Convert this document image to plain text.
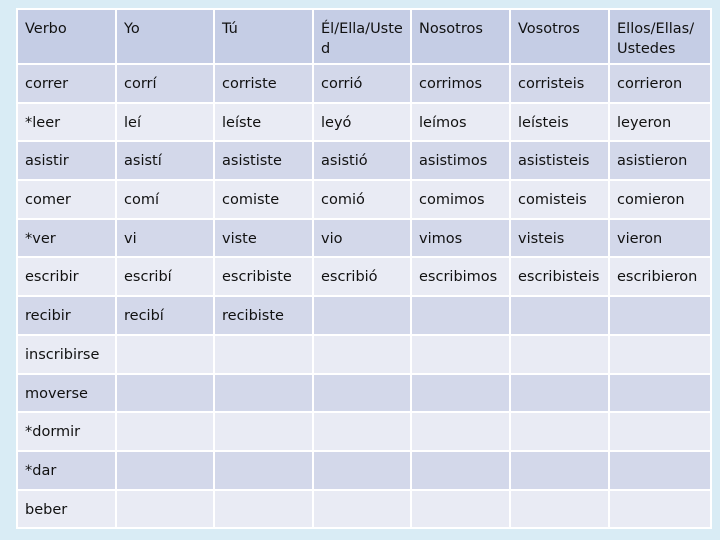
Verbo	Yo	Tú	Él/Ella/Usted	Nosotros	Vosotros	Ellos/Ellas/Ustedes
correr	corrí	corriste	corrió	corrimos	corristeis	corrieron
*leer	leí	leíste	leyó	leímos	leísteis	leyeron
asistir	asistí	asististe	asistió	asistimos	asististeis	asistieron
comer	comí	comiste	comió	comimos	comisteis	comieron
*ver	vi	viste	vio	vimos	visteis	vieron
escribir	escribí	escribiste	escribió	escribimos	escribisteis	escribieron
recibir	recibí	recibiste				
inscribirse						
moverse						
*dormir						
*dar						
beber						
